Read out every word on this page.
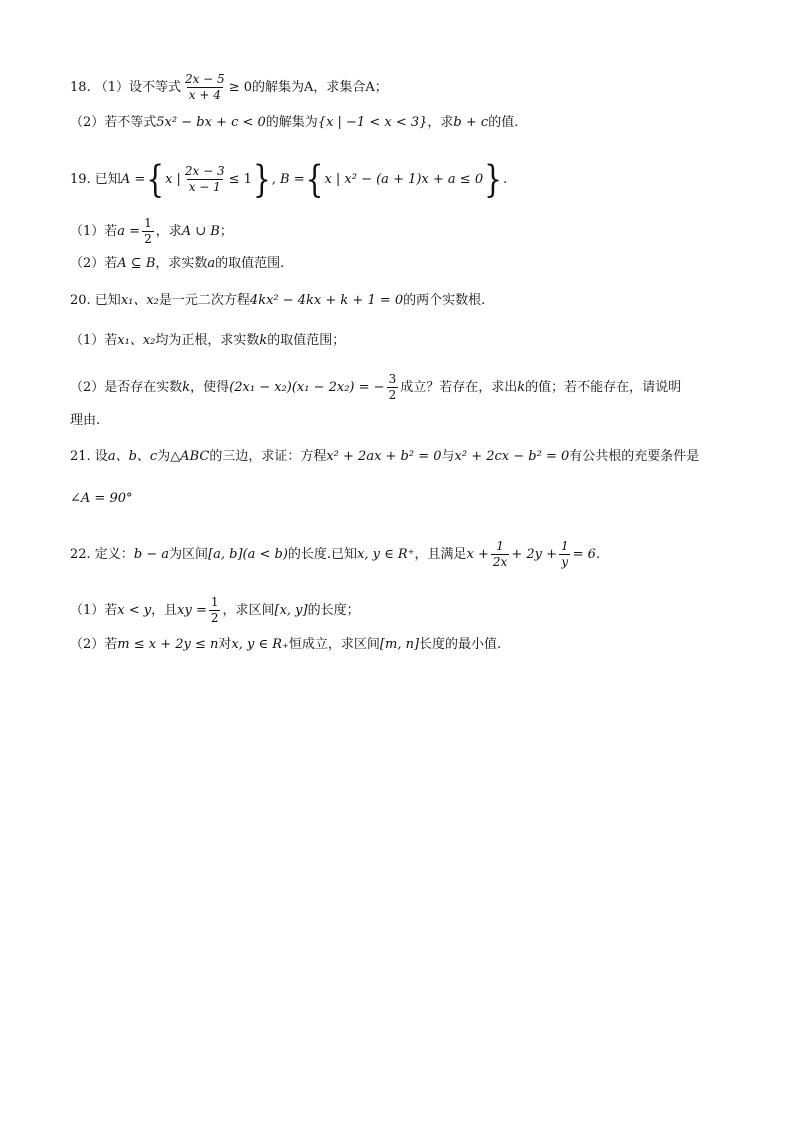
18. （1）设不等式 $\frac{2x - 5}{x + 4} \ge 0$ 的解集为A，求集合A；
（2）若不等式 5x² − bx + c < 0 的解集为 {x | −1 < x < 3} ，求 b + c 的值.
19. 已知 A = { x | $\frac{2x - 3}{x - 1} \le 1$ } , B = { x | x² − (a + 1)x + a ≤ 0 } .
（1）若 $a = \frac{1}{2}$ ，求 A ∪ B ；
（2）若 A ⊆ B ，求实数 a 的取值范围.
20. 已知 x₁、x₂ 是一元二次方程 4kx² − 4kx + k + 1 = 0 的两个实数根.
（1）若 x₁、x₂ 均为正根，求实数 k 的取值范围；
（2）是否存在实数 k ，使得 (2x₁ − x₂)(x₁ − 2x₂) = − $\frac{3}{2}$ 成立？若存在，求出 k 的值；若不能存在，请说明
理由.
21. 设 a、b、c 为 △ABC 的三边，求证：方程 x² + 2ax + b² = 0 与 x² + 2cx − b² = 0 有公共根的充要条件是
∠A = 90°
22. 定义： b − a 为区间 [a, b](a < b) 的长度.已知 x, y ∈ R⁺ ，且满足 $x + \frac{1}{2x} + 2y + \frac{1}{y} = 6$ .
（1）若 x < y ，且 xy = $\frac{1}{2}$ ，求区间 [x, y] 的长度；
（2）若 m ≤ x + 2y ≤ n 对 x, y ∈ R₊ 恒成立，求区间 [m, n] 长度的最小值.
